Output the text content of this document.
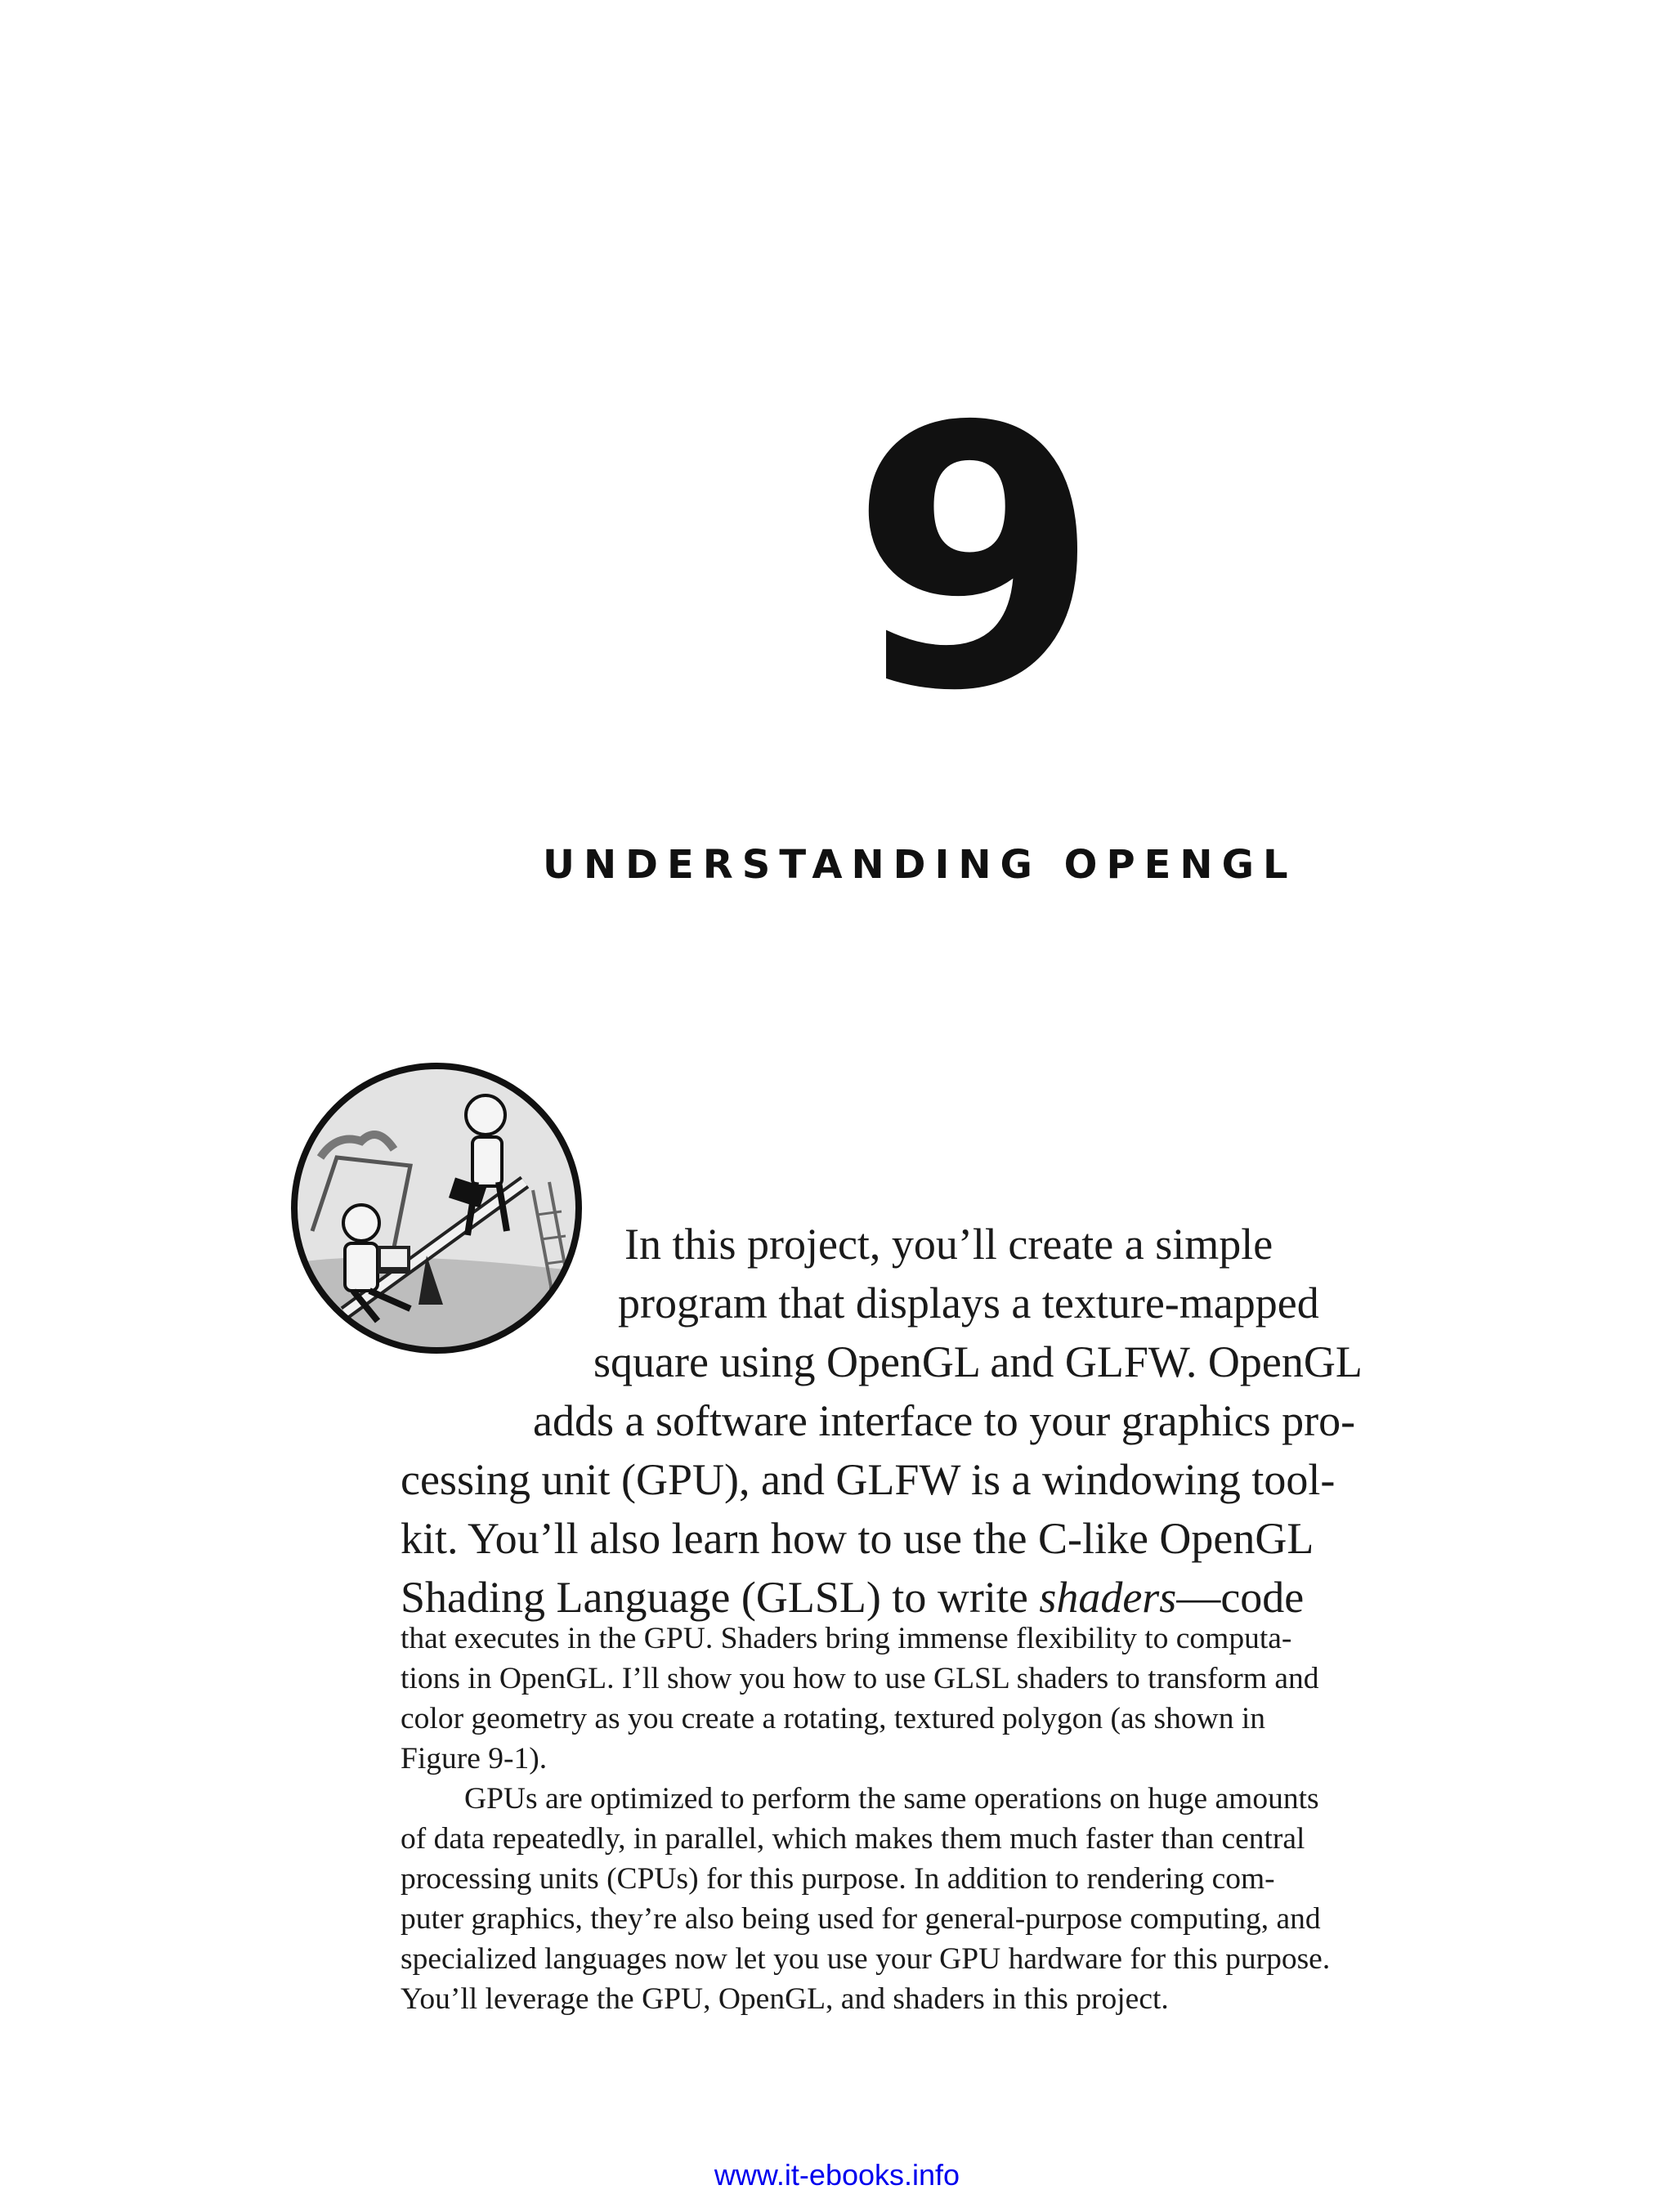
9
UNDERSTANDING OPENGL
In this project, you’ll create a simple
program that displays a texture-mapped
square using OpenGL and GLFW. OpenGL
adds a software interface to your graphics pro-
cessing unit (GPU), and GLFW is a windowing tool-
kit. You’ll also learn how to use the C-like OpenGL
Shading Language (GLSL) to write shaders—code
that executes in the GPU. Shaders bring immense flexibility to computa-
tions in OpenGL. I’ll show you how to use GLSL shaders to transform and
color geometry as you create a rotating, textured polygon (as shown in
Figure 9-1).
GPUs are optimized to perform the same operations on huge amounts
of data repeatedly, in parallel, which makes them much faster than central
processing units (CPUs) for this purpose. In addition to rendering com-
puter graphics, they’re also being used for general-purpose computing, and
specialized languages now let you use your GPU hardware for this purpose.
You’ll leverage the GPU, OpenGL, and shaders in this project.
www.it-ebooks.info
